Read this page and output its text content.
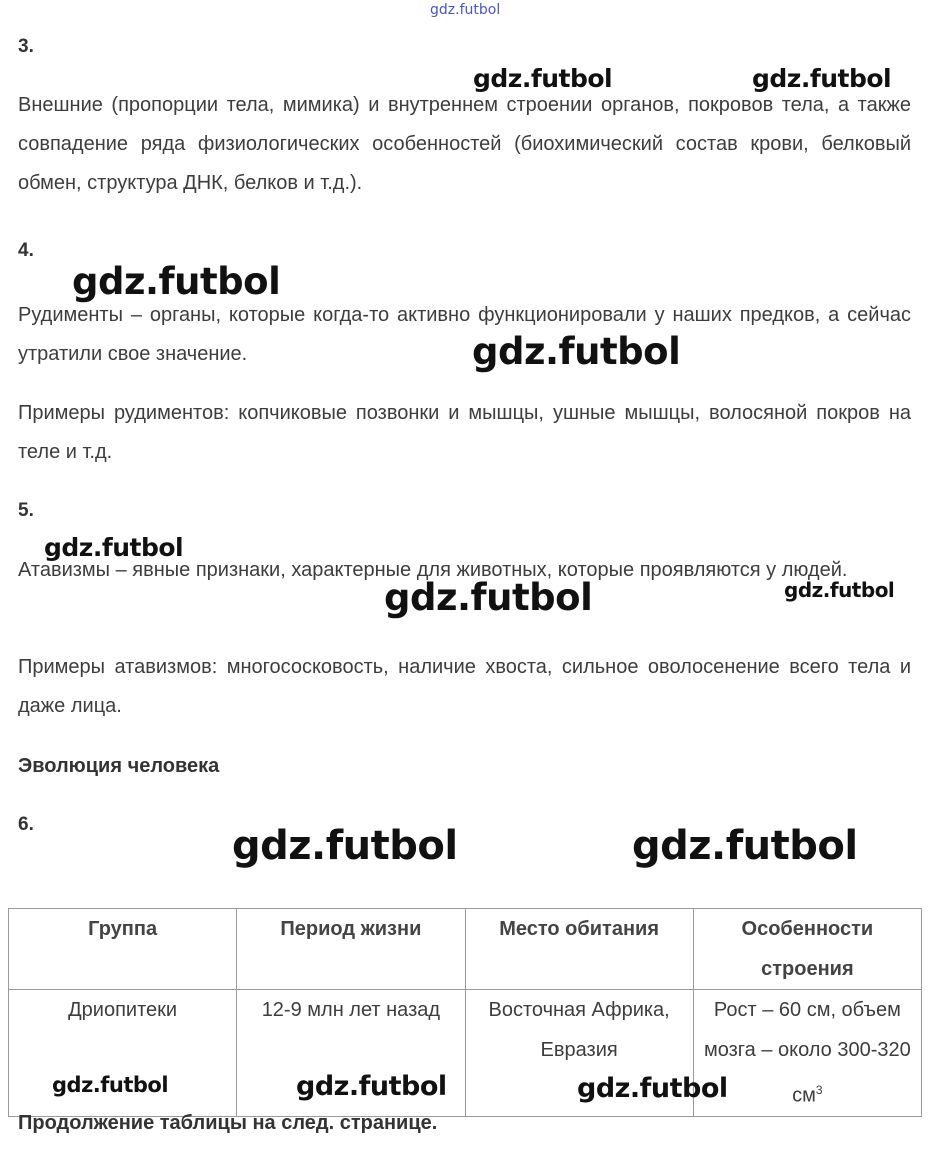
gdz.futbol
3.

Внешние (пропорции тела, мимика) и внутреннем строении органов, покровов тела, а также совпадение ряда физиологических особенностей (биохимический состав крови, белковый обмен, структура ДНК, белков и т.д.).

4.

Рудименты – органы, которые когда-то активно функционировали у наших предков, а сейчас утратили свое значение.

Примеры рудиментов: копчиковые позвонки и мышцы, ушные мышцы, волосяной покров на теле и т.д.

5.

Атавизмы – явные признаки, характерные для животных, которые проявляются у людей.

Примеры атавизмов: многососковость, наличие хвоста, сильное оволосенение всего тела и даже лица.

Эволюция человека
6.
Группа	Период жизни	Место обитания	Особенности строения
Дриопитеки	12-9 млн лет назад	Восточная Африка, Евразия	Рост – 60 см, объем мозга – около 300-320 $см^3$
Продолжение таблицы на след. странице.
gdz.futbol	gdz.futbol
gdz.futbol
gdz.futbol
gdz.futbol
gdz.futbol	gdz.futbol
gdz.futbol	gdz.futbol
gdz.futbol	gdz.futbol	gdz.futbol
